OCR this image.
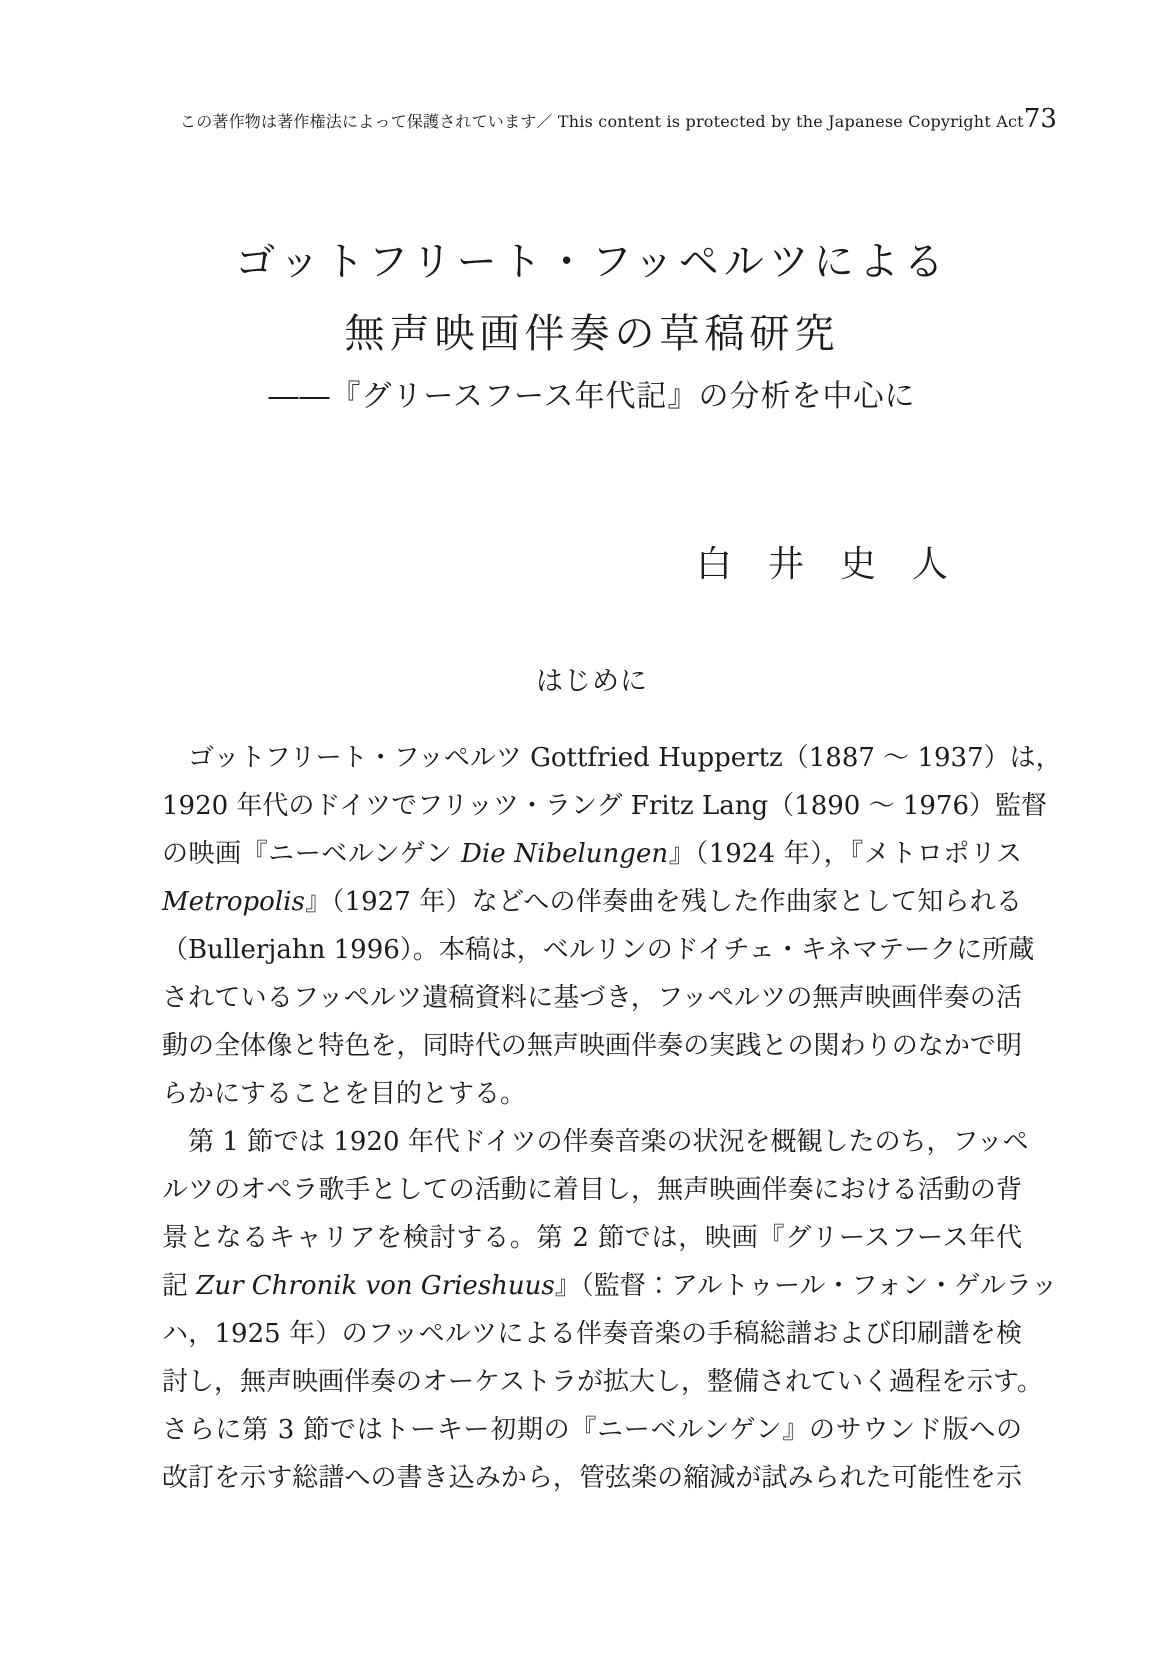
この著作物は著作権法によって保護されています／ This content is protected by the Japanese Copyright Act 73
ゴットフリート・フッペルツによる
無声映画伴奏の草稿研究
――『グリースフース年代記』の分析を中心に
白　井　史　人
はじめに
　ゴットフリート・フッペルツ Gottfried Huppertz（1887 ～ 1937）は，
1920 年代のドイツでフリッツ・ラング Fritz Lang（1890 ～ 1976）監督
の映画『ニーベルンゲン Die Nibelungen』（1924 年），『メトロポリス
Metropolis』（1927 年）などへの伴奏曲を残した作曲家として知られる
（Bullerjahn 1996）。本稿は，ベルリンのドイチェ・キネマテークに所蔵
されているフッペルツ遺稿資料に基づき，フッペルツの無声映画伴奏の活
動の全体像と特色を，同時代の無声映画伴奏の実践との関わりのなかで明
らかにすることを目的とする。
　第 1 節では 1920 年代ドイツの伴奏音楽の状況を概観したのち，フッペ
ルツのオペラ歌手としての活動に着目し，無声映画伴奏における活動の背
景となるキャリアを検討する。第 2 節では，映画『グリースフース年代
記 Zur Chronik von Grieshuus』（監督：アルトゥール・フォン・ゲルラッ
ハ，1925 年）のフッペルツによる伴奏音楽の手稿総譜および印刷譜を検
討し，無声映画伴奏のオーケストラが拡大し，整備されていく過程を示す。
さらに第 3 節ではトーキー初期の『ニーベルンゲン』のサウンド版への
改訂を示す総譜への書き込みから，管弦楽の縮減が試みられた可能性を示
